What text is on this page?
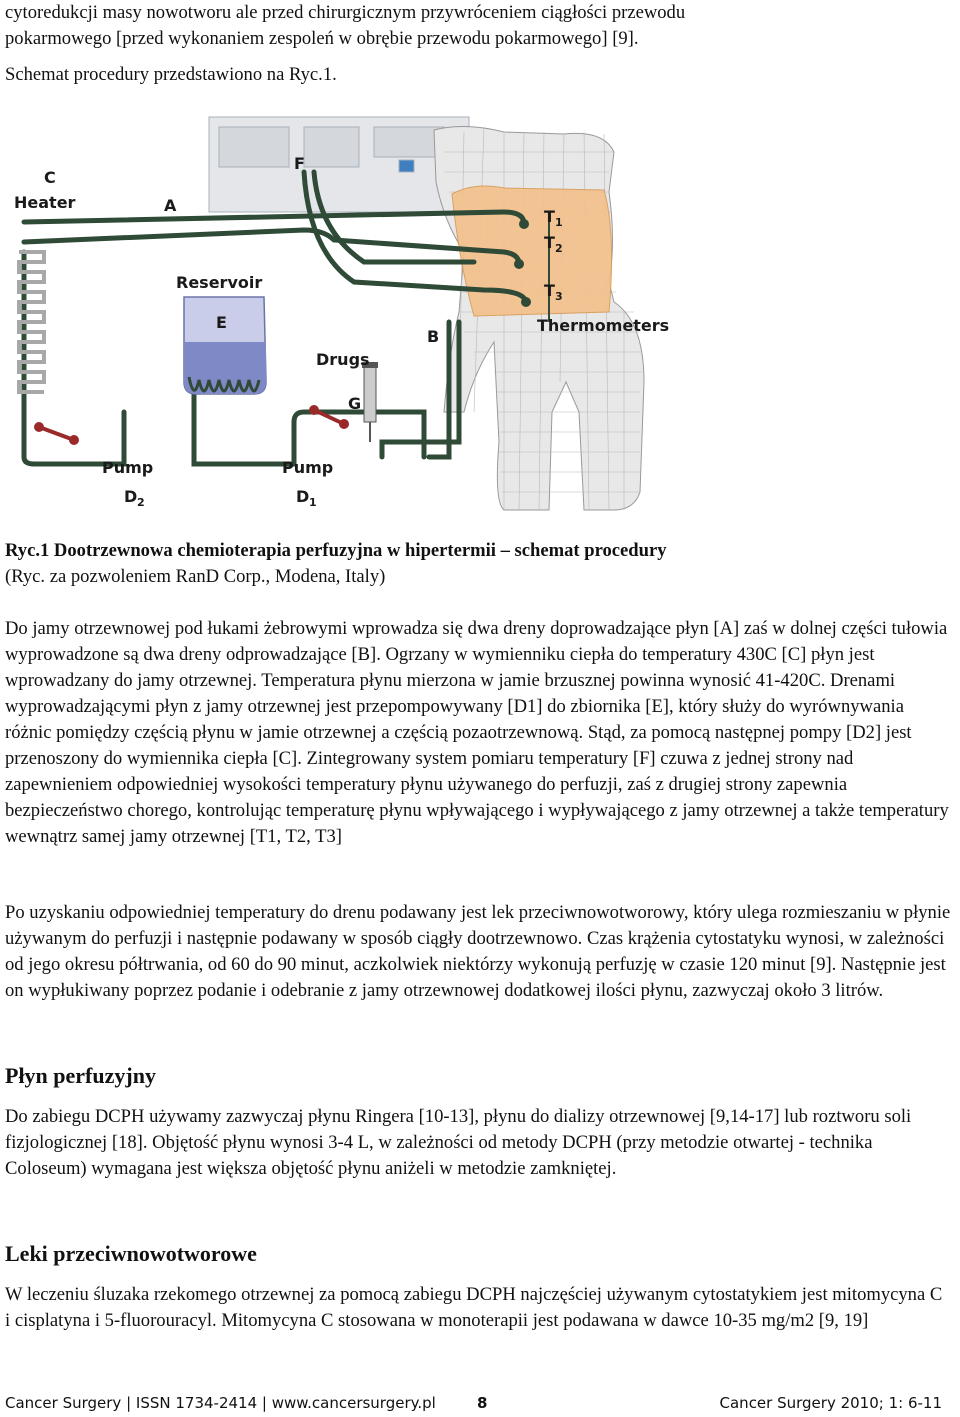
cytoredukcji masy nowotworu ale przed chirurgicznym przywróceniem ciągłości przewodu

pokarmowego [przed wykonaniem zespoleń w obrębie przewodu pokarmowego] [9].

Schemat procedury przedstawiono na Ryc.1.

C
Heater	A
F
Reservoir
E
Drugs
G
B
T 1
T 2
T 3
Thermometers
Pump	Pump
D 2	D 1
Ryc.1 Dootrzewnowa chemioterapia perfuzyjna w hipertermii – schemat procedury
(Ryc. za pozwoleniem RanD Corp., Modena, Italy)

Do jamy otrzewnowej pod łukami żebrowymi wprowadza się dwa dreny doprowadzające płyn [A] zaś w dolnej części tułowia wyprowadzone są dwa dreny odprowadzające [B]. Ogrzany w wymienniku ciepła do temperatury 430C [C] płyn jest wprowadzany do jamy otrzewnej. Temperatura płynu mierzona w jamie brzusznej powinna wynosić 41-420C. Drenami wyprowadzającymi płyn z jamy otrzewnej jest przepompowywany [D1] do zbiornika [E], który służy do wyrównywania różnic pomiędzy częścią płynu w jamie otrzewnej a częścią pozaotrzewnową. Stąd, za pomocą następnej pompy [D2] jest przenoszony do wymiennika ciepła [C]. Zintegrowany system pomiaru temperatury [F] czuwa z jednej strony nad zapewnieniem odpowiedniej wysokości temperatury płynu używanego do perfuzji, zaś z drugiej strony zapewnia bezpieczeństwo chorego, kontrolując temperaturę płynu wpływającego i wypływającego z jamy otrzewnej a także temperatury wewnątrz samej jamy otrzewnej [T1, T2, T3]

Po uzyskaniu odpowiedniej temperatury do drenu podawany jest lek przeciwnowotworowy, który ulega rozmieszaniu w płynie używanym do perfuzji i następnie podawany w sposób ciągły dootrzewnowo. Czas krążenia cytostatyku wynosi, w zależności od jego okresu półtrwania, od 60 do 90 minut, aczkolwiek niektórzy wykonują perfuzję w czasie 120 minut [9]. Następnie jest on wypłukiwany poprzez podanie i odebranie z jamy otrzewnowej dodatkowej ilości płynu, zazwyczaj około 3 litrów.

Płyn perfuzyjny

Do zabiegu DCPH używamy zazwyczaj płynu Ringera [10-13], płynu do dializy otrzewnowej [9,14-17] lub roztworu soli fizjologicznej [18]. Objętość płynu wynosi 3-4 L, w zależności od metody DCPH (przy metodzie otwartej - technika Coloseum) wymagana jest większa objętość płynu aniżeli w metodzie zamkniętej.

Leki przeciwnowotworowe

W leczeniu śluzaka rzekomego otrzewnej za pomocą zabiegu DCPH najczęściej używanym cytostatykiem jest mitomycyna C i cisplatyna i 5-fluorouracyl. Mitomycyna C stosowana w monoterapii jest podawana w dawce 10-35 mg/m2 [9, 19]

Cancer Surgery | ISSN 1734-2414 | www.cancersurgery.pl	8	Cancer Surgery 2010; 1: 6-11
